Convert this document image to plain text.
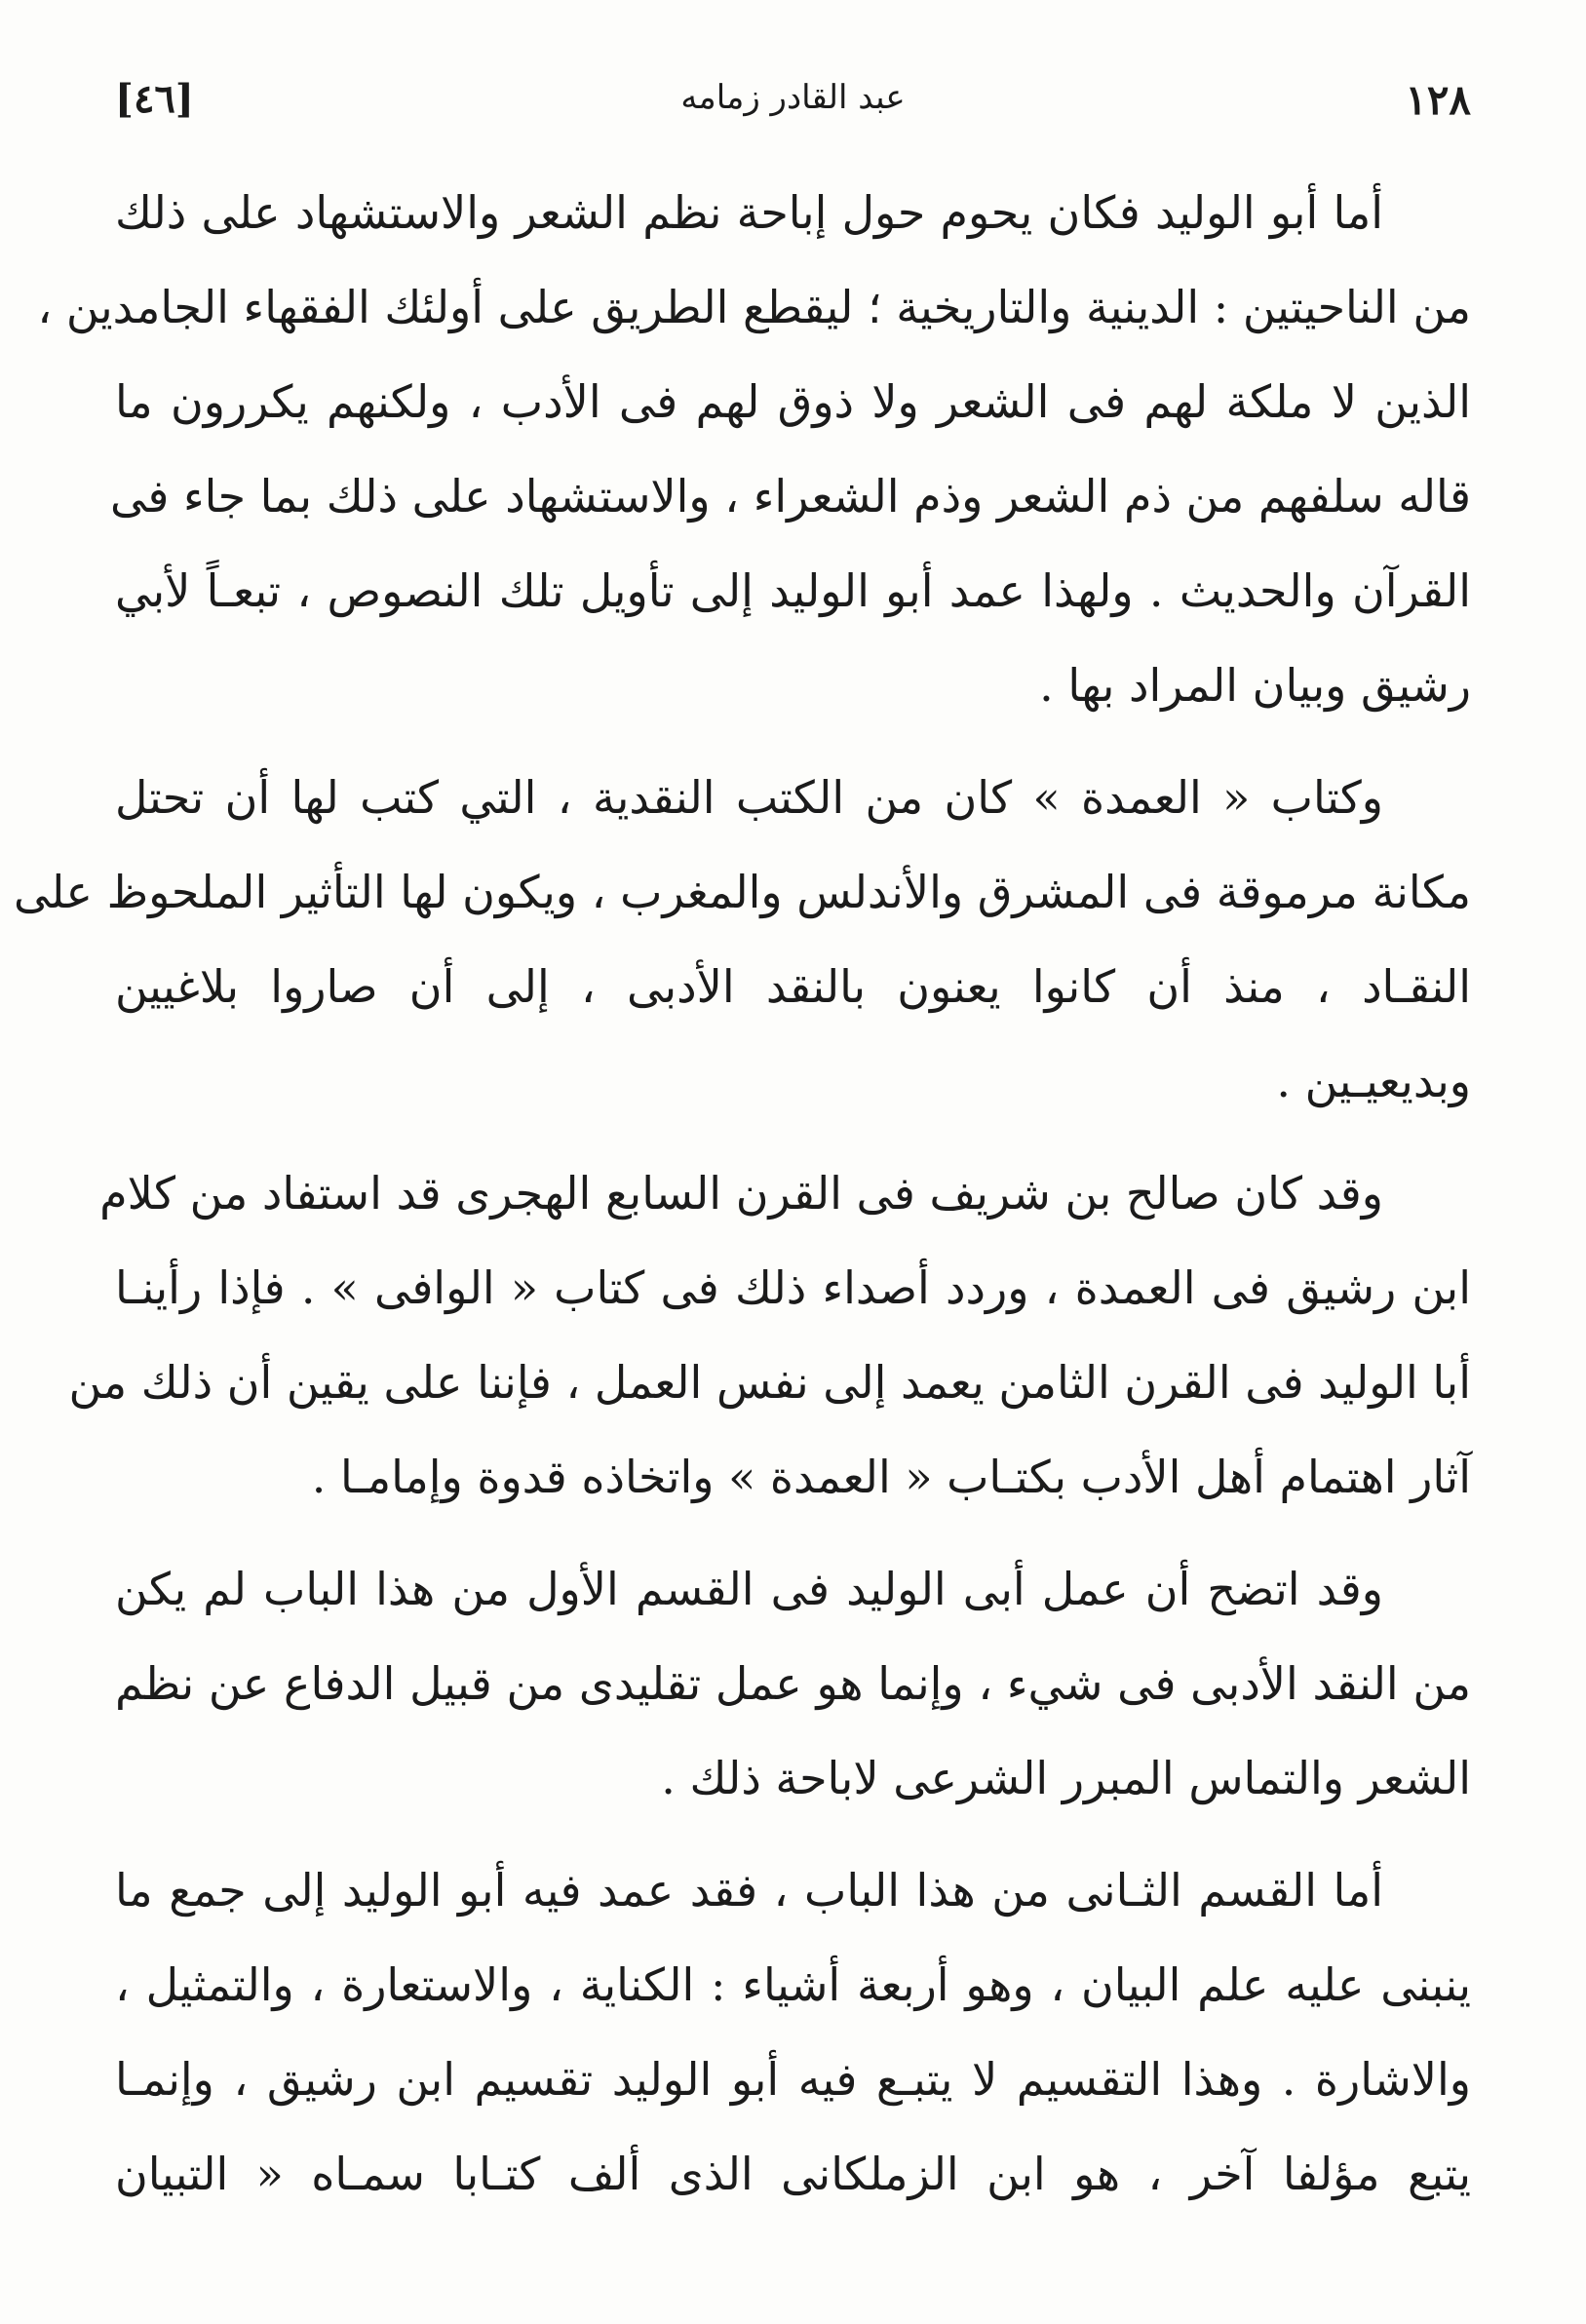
١٢٨
عبد القادر زمامه
[٤٦]

أما أبو الوليد فكان يحوم حول إباحة نظم الشعر والاستشهاد على ذلك
من الناحيتين : الدينية والتاريخية ؛ ليقطع الطريق على أولئك الفقهاء الجامدين ،
الذين لا ملكة لهم فى الشعر ولا ذوق لهم فى الأدب ، ولكنهم يكررون ما
قاله سلفهم من ذم الشعر وذم الشعراء ، والاستشهاد على ذلك بما جاء فى
القرآن والحديث . ولهذا عمد أبو الوليد إلى تأويل تلك النصوص ، تبعـاً لأبي
رشيق وبيان المراد بها .

وكتاب « العمدة » كان من الكتب النقدية ، التي كتب لها أن تحتل
مكانة مرموقة فى المشرق والأندلس والمغرب ، ويكون لها التأثير الملحوظ على
النقـاد ، منذ أن كانوا يعنون بالنقد الأدبى ، إلى أن صاروا بلاغيين
وبديعيـين .

وقد كان صالح بن شريف فى القرن السابع الهجرى قد استفاد من كلام
ابن رشيق فى العمدة ، وردد أصداء ذلك فى كتاب « الوافى » . فإذا رأينـا
أبا الوليد فى القرن الثامن يعمد إلى نفس العمل ، فإننا على يقين أن ذلك من
آثار اهتمام أهل الأدب بكتـاب « العمدة » واتخاذه قدوة وإمامـا .

وقد اتضح أن عمل أبى الوليد فى القسم الأول من هذا الباب لم يكن
من النقد الأدبى فى شيء ، وإنما هو عمل تقليدى من قبيل الدفاع عن نظم
الشعر والتماس المبرر الشرعى لاباحة ذلك .

أما القسم الثـانى من هذا الباب ، فقد عمد فيه أبو الوليد إلى جمع ما
ينبنى عليه علم البيان ، وهو أربعة أشياء : الكناية ، والاستعارة ، والتمثيل ،
والاشارة . وهذا التقسيم لا يتبـع فيه أبو الوليد تقسيم ابن رشيق ، وإنمـا
يتبع مؤلفا آخر ، هو ابن الزملكانى الذى ألف كتـابا سمـاه « التبيان
